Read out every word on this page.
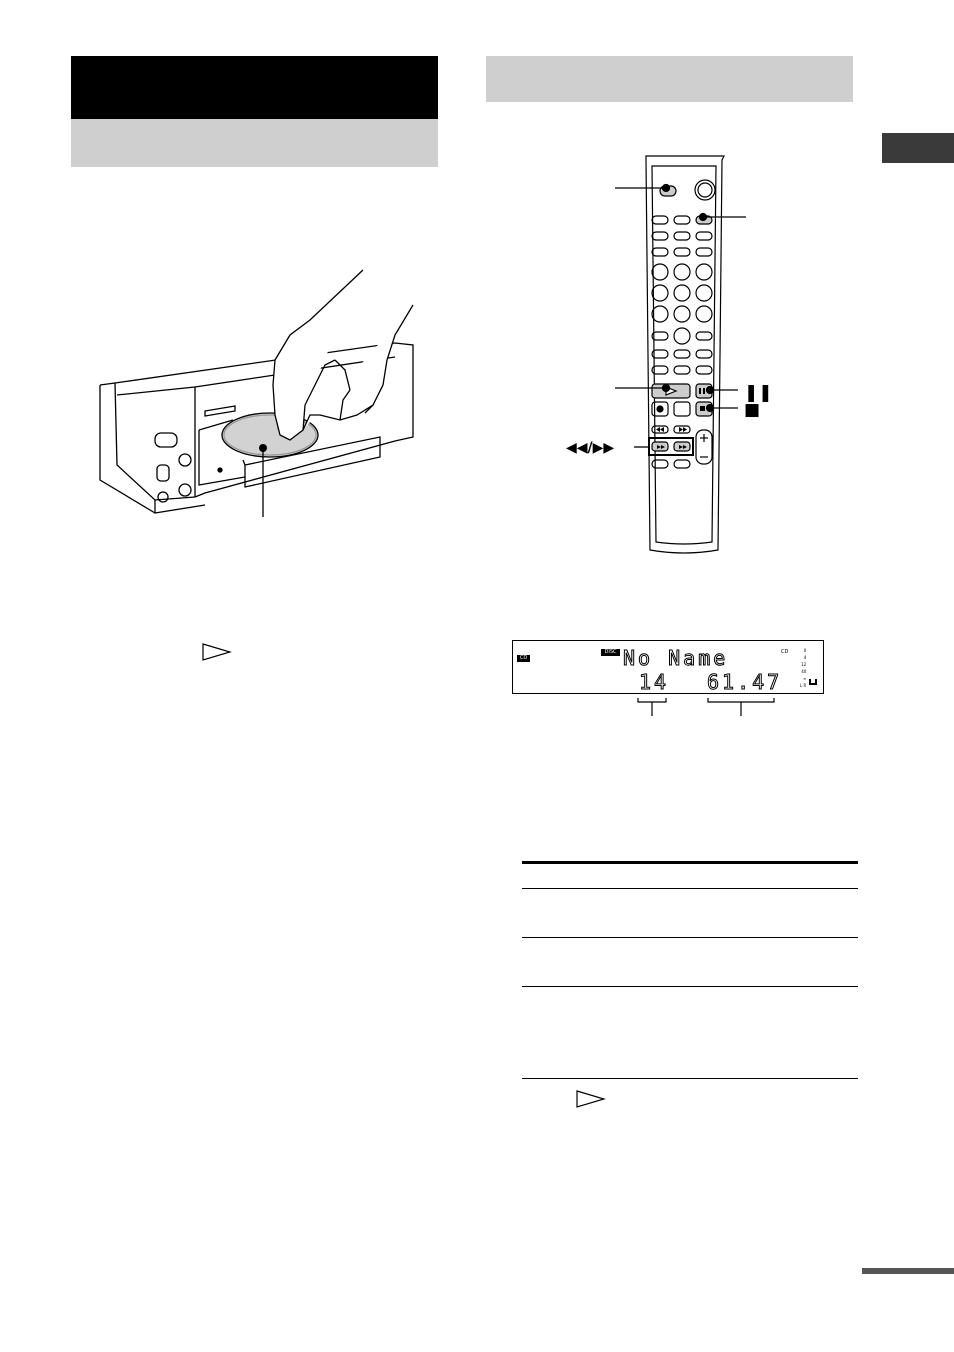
❚❚
■
◀◀/▶▶
CD
DISC No Name
14 61.47
CD	0
4
12
40
∞
L R
